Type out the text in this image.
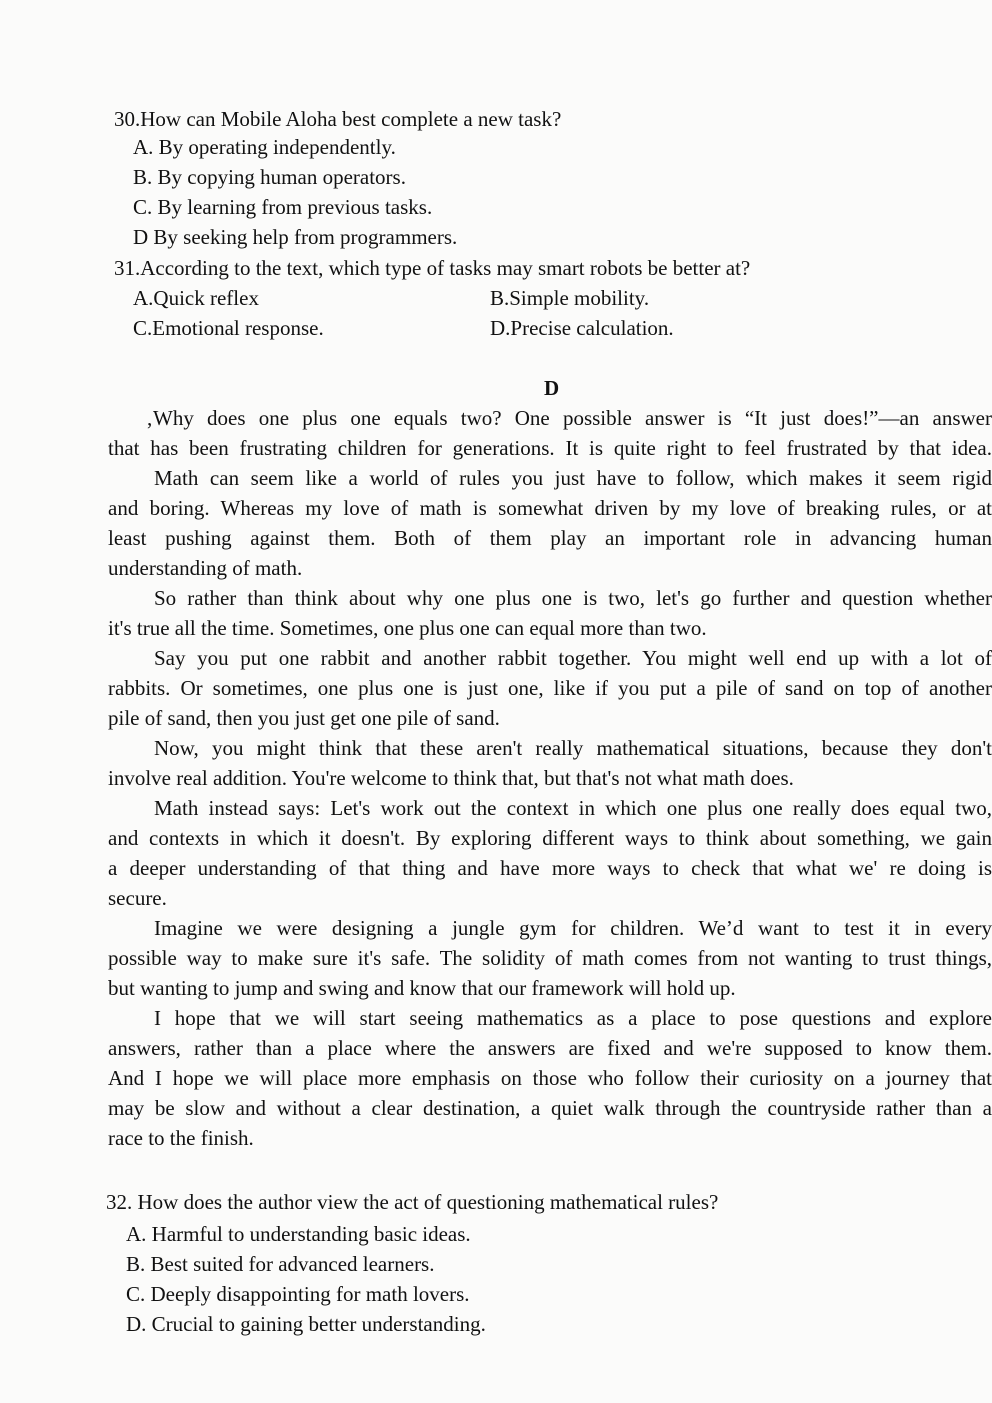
30.How can Mobile Aloha best complete a new task?
A. By operating independently.
B. By copying human operators.
C. By learning from previous tasks.
D By seeking help from programmers.
31.According to the text, which type of tasks may smart robots be better at?
A.Quick reflex	B.Simple mobility.
C.Emotional response.	D.Precise calculation.
D
‚Why does one plus one equals two? One possible answer is “It just does!”—an answer
that has been frustrating children for generations. It is quite right to feel frustrated by that idea.
Math can seem like a world of rules you just have to follow, which makes it seem rigid
and boring. Whereas my love of math is somewhat driven by my love of breaking rules, or at
least pushing against them. Both of them play an important role in advancing human
understanding of math.
So rather than think about why one plus one is two, let's go further and question whether
it's true all the time. Sometimes, one plus one can equal more than two.
Say you put one rabbit and another rabbit together. You might well end up with a lot of
rabbits. Or sometimes, one plus one is just one, like if you put a pile of sand on top of another
pile of sand, then you just get one pile of sand.
Now, you might think that these aren't really mathematical situations, because they don't
involve real addition. You're welcome to think that, but that's not what math does.
Math instead says: Let's work out the context in which one plus one really does equal two,
and contexts in which it doesn't. By exploring different ways to think about something, we gain
a deeper understanding of that thing and have more ways to check that what we' re doing is
secure.
Imagine we were designing a jungle gym for children. We’d want to test it in every
possible way to make sure it's safe. The solidity of math comes from not wanting to trust things,
but wanting to jump and swing and know that our framework will hold up.
I hope that we will start seeing mathematics as a place to pose questions and explore
answers, rather than a place where the answers are fixed and we're supposed to know them.
And I hope we will place more emphasis on those who follow their curiosity on a journey that
may be slow and without a clear destination, a quiet walk through the countryside rather than a
race to the finish.
32. How does the author view the act of questioning mathematical rules?
A. Harmful to understanding basic ideas.
B. Best suited for advanced learners.
C. Deeply disappointing for math lovers.
D. Crucial to gaining better understanding.
